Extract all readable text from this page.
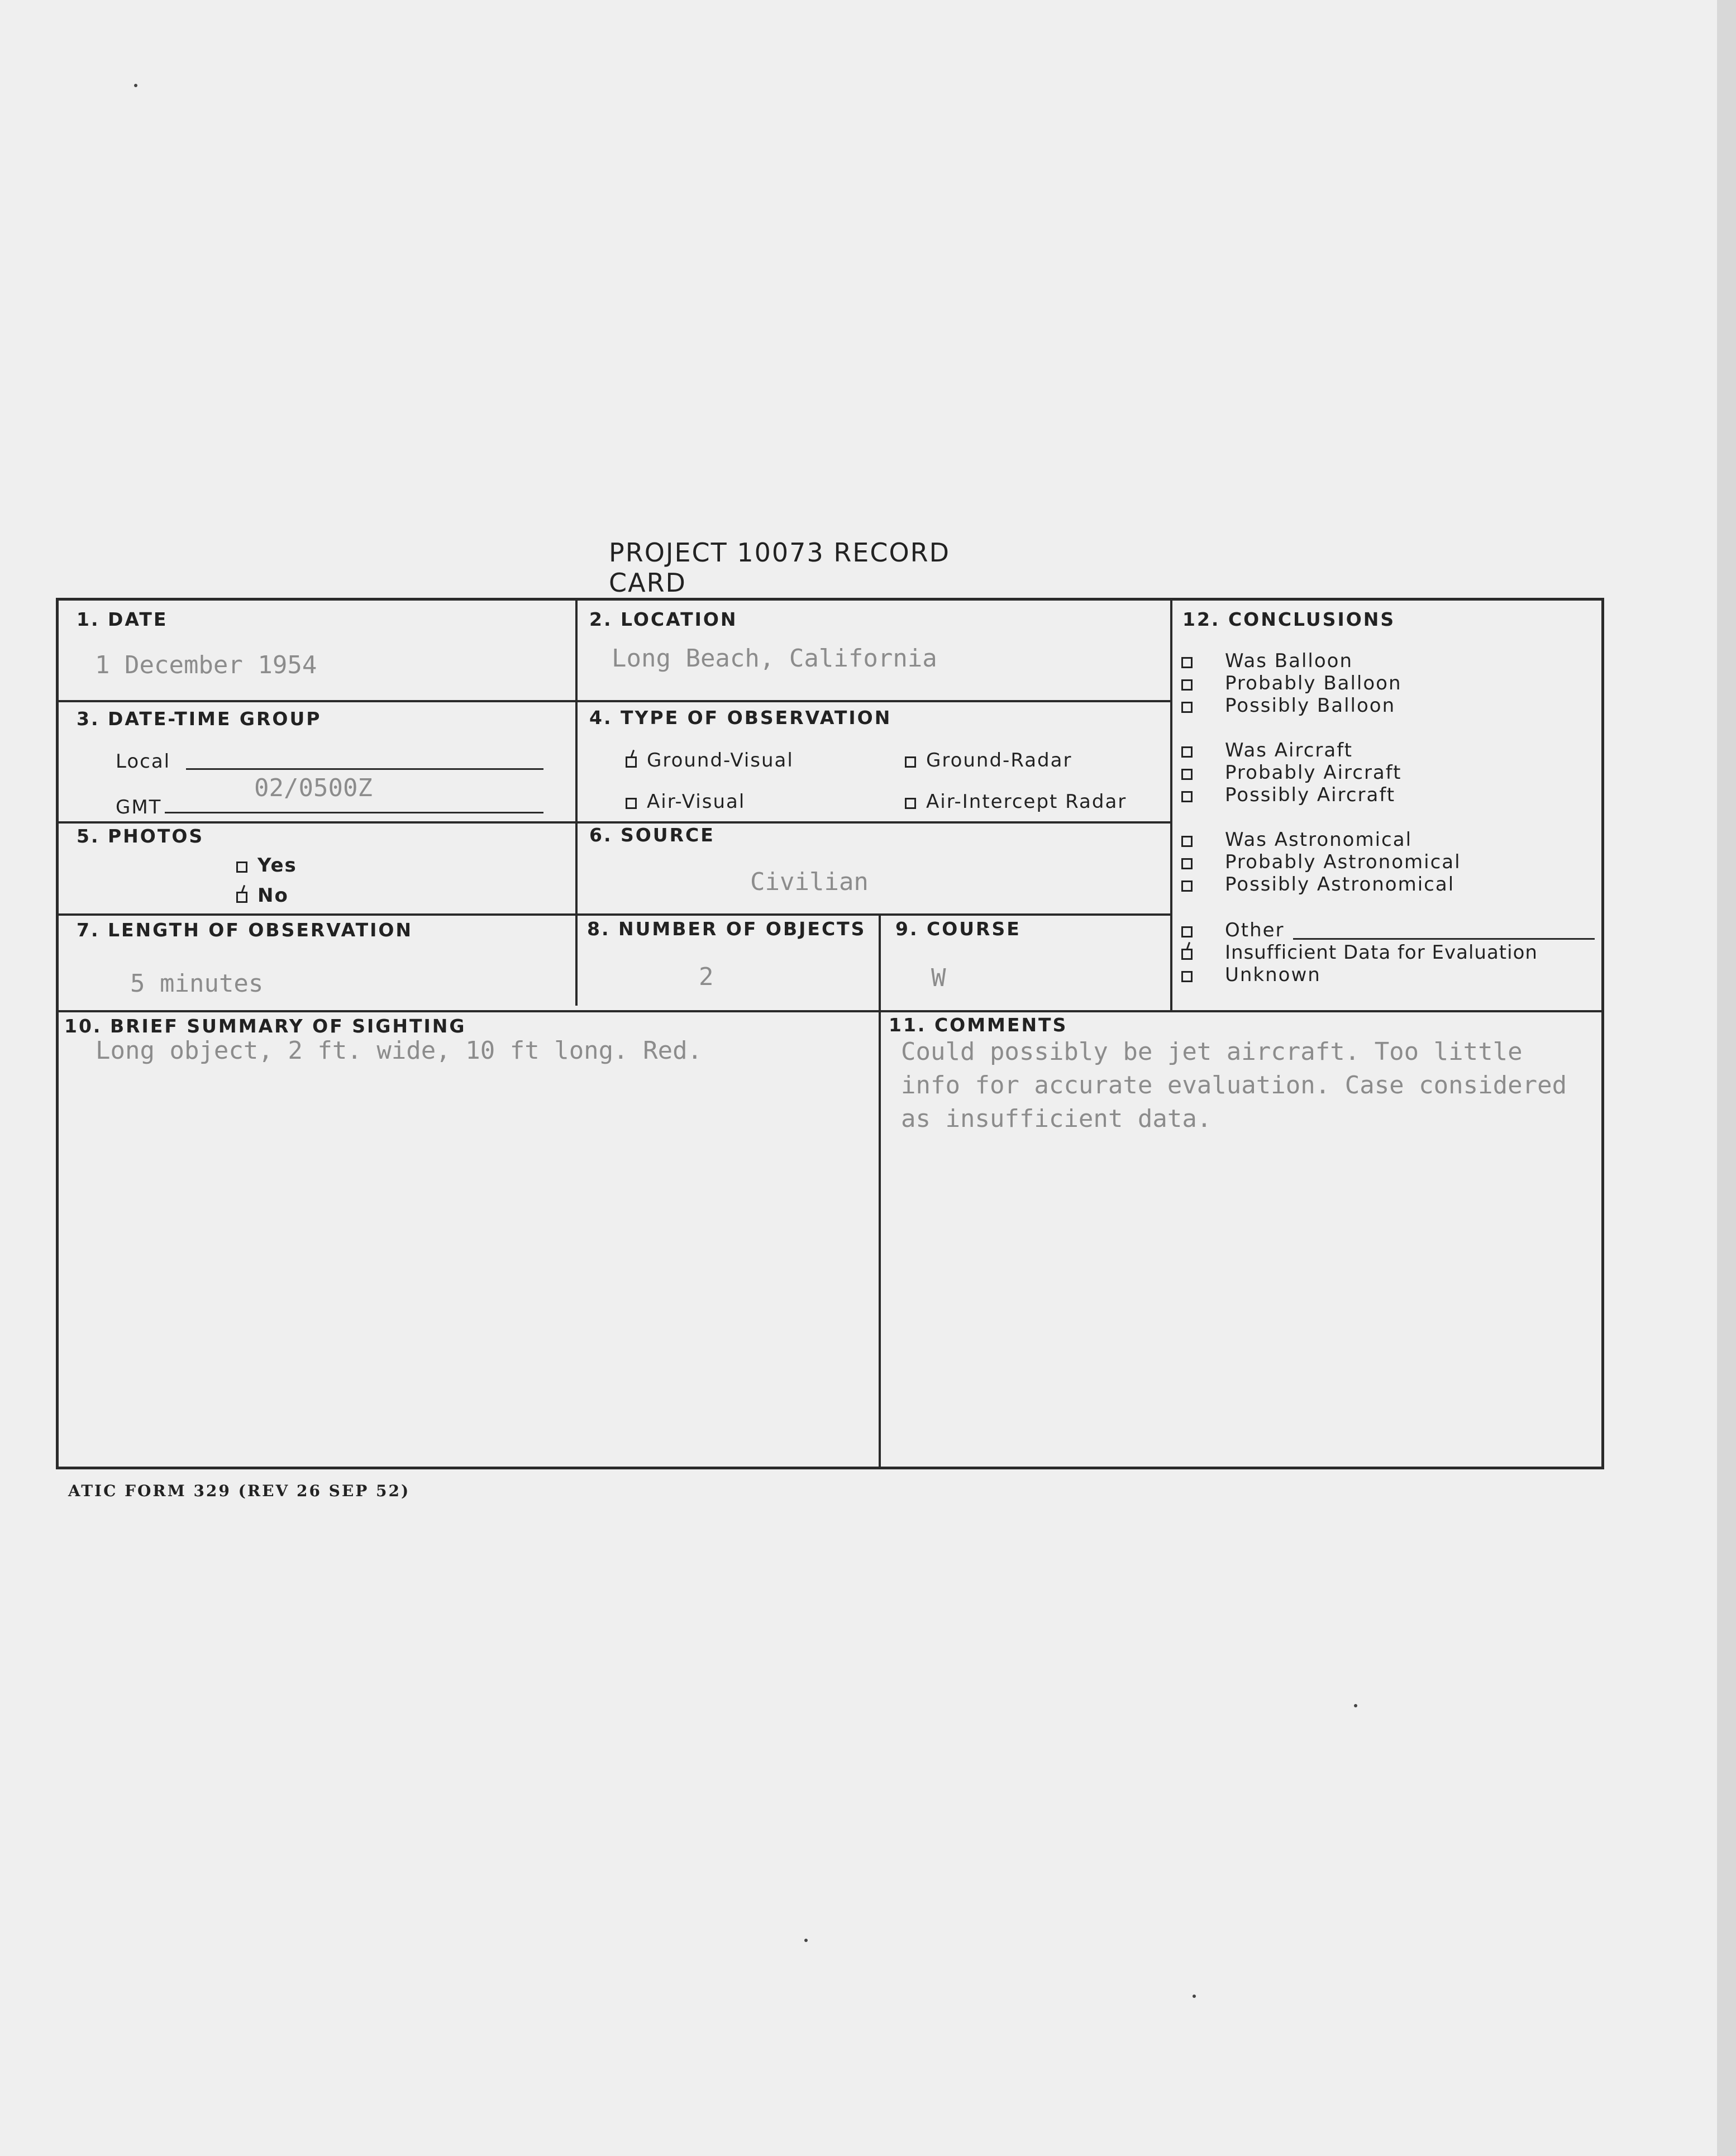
PROJECT 10073 RECORD CARD
1. DATE
1 December 1954
2. LOCATION
Long Beach, California
3. DATE-TIME GROUP
Local
GMT
02/0500Z
4. TYPE OF OBSERVATION
Ground-Visual	Ground-Radar
Air-Visual	Air-Intercept Radar
5. PHOTOS
Yes
No
6. SOURCE
Civilian
7. LENGTH OF OBSERVATION
5 minutes
8. NUMBER OF OBJECTS
2
9. COURSE
W
10. BRIEF SUMMARY OF SIGHTING
Long object, 2 ft. wide, 10 ft long. Red.
11. COMMENTS
Could possibly be jet aircraft. Too little info for accurate evaluation. Case considered as insufficient data.
12. CONCLUSIONS
Was Balloon
Probably Balloon
Possibly Balloon
Was Aircraft
Probably Aircraft
Possibly Aircraft
Was Astronomical
Probably Astronomical
Possibly Astronomical
Other
Insufficient Data for Evaluation
Unknown
ATIC FORM 329 (REV 26 SEP 52)
